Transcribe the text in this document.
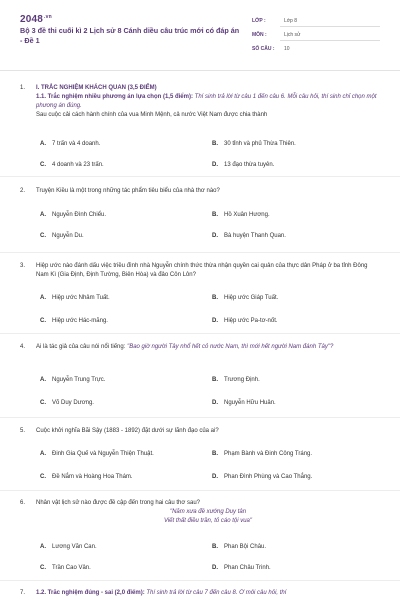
$2048^{.vn}$
Bộ 3 đề thi cuối kì 2 Lịch sử 8 Cánh diều câu trúc mới có đáp án - Đề 1
LỚP :	Lớp 8
MÔN :	Lịch sử
SỐ CÂU : 10
1. I. TRẮC NGHIỆM KHÁCH QUAN (3,5 ĐIỂM)
1.1. Trắc nghiệm nhiều phương án lựa chọn (1,5 điểm): Thí sinh trả lời từ câu 1 đến câu 6. Mỗi câu hỏi, thí sinh chỉ chọn một phương án đúng.
Sau cuộc cải cách hành chính của vua Minh Mệnh, cả nước Việt Nam được chia thành
A. 7 trấn và 4 doanh.	B. 30 tỉnh và phủ Thừa Thiên.
C. 4 doanh và 23 trấn.	D. 13 đạo thừa tuyên.
2. Truyện Kiều là một trong những tác phẩm tiêu biểu của nhà thơ nào?
A. Nguyễn Đình Chiểu.	B. Hồ Xuân Hương.
C. Nguyễn Du.	D. Bà huyện Thanh Quan.
3. Hiệp ước nào đánh dấu việc triều đình nhà Nguyễn chính thức thừa nhận quyền cai quản của thực dân Pháp ở ba tỉnh Đông Nam Kì (Gia Định, Định Tường, Biên Hòa) và đảo Côn Lôn?
A. Hiệp ước Nhâm Tuất.	B. Hiệp ước Giáp Tuất.
C. Hiệp ước Hác-măng.	D. Hiệp ước Pa-tơ-nốt.
4. Ai là tác giả của câu nói nổi tiếng: "Bao giờ người Tây nhổ hết cỏ nước Nam, thì mới hết người Nam đánh Tây"?
A. Nguyễn Trung Trực.	B. Trương Định.
C. Võ Duy Dương.	D. Nguyễn Hữu Huân.
5. Cuộc khởi nghĩa Bãi Sậy (1883 - 1892) đặt dưới sự lãnh đạo của ai?
A. Đinh Gia Quế và Nguyễn Thiện Thuật.	B. Phạm Bành và Đinh Công Tráng.
C. Đề Nắm và Hoàng Hoa Thám.	D. Phan Đình Phùng và Cao Thắng.
6. Nhân vật lịch sử nào được đề cập đến trong hai câu thơ sau?
"Năm xưa đề xướng Duy tân
Viết thất điều trần, tỏ cáo tội vua"
A. Lương Văn Can.	B. Phan Bội Châu.
C. Trần Cao Vân.	D. Phan Châu Trinh.
7. 1.2. Trắc nghiệm đúng - sai (2,0 điểm): Thí sinh trả lời từ câu 7 đến câu 8. Ở mỗi câu hỏi, thí
